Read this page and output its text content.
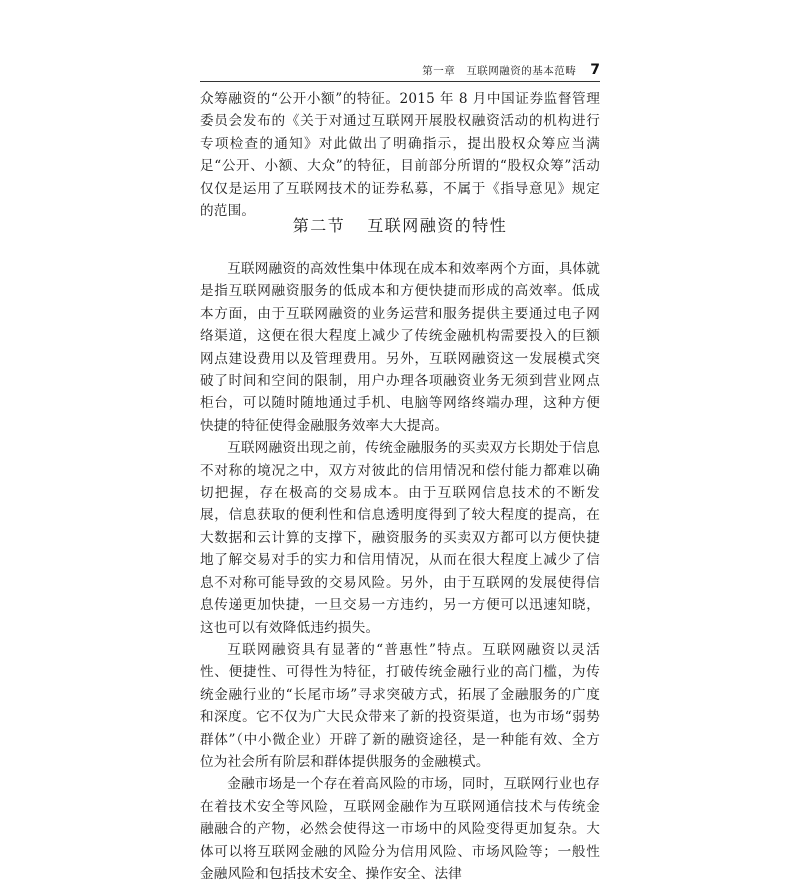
第一章　互联网融资的基本范畴 7

众筹融资的“公开小额”的特征。2015 年 8 月中国证券监督管理委员会发布的《关于对通过互联网开展股权融资活动的机构进行专项检查的通知》对此做出了明确指示，提出股权众筹应当满足“公开、小额、大众”的特征，目前部分所谓的“股权众筹”活动仅仅是运用了互联网技术的证券私募，不属于《指导意见》规定的范围。

第二节 互联网融资的特性

互联网融资的高效性集中体现在成本和效率两个方面，具体就是指互联网融资服务的低成本和方便快捷而形成的高效率。低成本方面，由于互联网融资的业务运营和服务提供主要通过电子网络渠道，这便在很大程度上减少了传统金融机构需要投入的巨额网点建设费用以及管理费用。另外，互联网融资这一发展模式突破了时间和空间的限制，用户办理各项融资业务无须到营业网点柜台，可以随时随地通过手机、电脑等网络终端办理，这种方便快捷的特征使得金融服务效率大大提高。

互联网融资出现之前，传统金融服务的买卖双方长期处于信息不对称的境况之中，双方对彼此的信用情况和偿付能力都难以确切把握，存在极高的交易成本。由于互联网信息技术的不断发展，信息获取的便利性和信息透明度得到了较大程度的提高，在大数据和云计算的支撑下，融资服务的买卖双方都可以方便快捷地了解交易对手的实力和信用情况，从而在很大程度上减少了信息不对称可能导致的交易风险。另外，由于互联网的发展使得信息传递更加快捷，一旦交易一方违约，另一方便可以迅速知晓，这也可以有效降低违约损失。

互联网融资具有显著的“普惠性”特点。互联网融资以灵活性、便捷性、可得性为特征，打破传统金融行业的高门槛，为传统金融行业的“长尾市场”寻求突破方式，拓展了金融服务的广度和深度。它不仅为广大民众带来了新的投资渠道，也为市场“弱势群体”（中小微企业）开辟了新的融资途径，是一种能有效、全方位为社会所有阶层和群体提供服务的金融模式。

金融市场是一个存在着高风险的市场，同时，互联网行业也存在着技术安全等风险，互联网金融作为互联网通信技术与传统金融融合的产物，必然会使得这一市场中的风险变得更加复杂。大体可以将互联网金融的风险分为信用风险、市场风险等；一般性金融风险和包括技术安全、操作安全、法律
